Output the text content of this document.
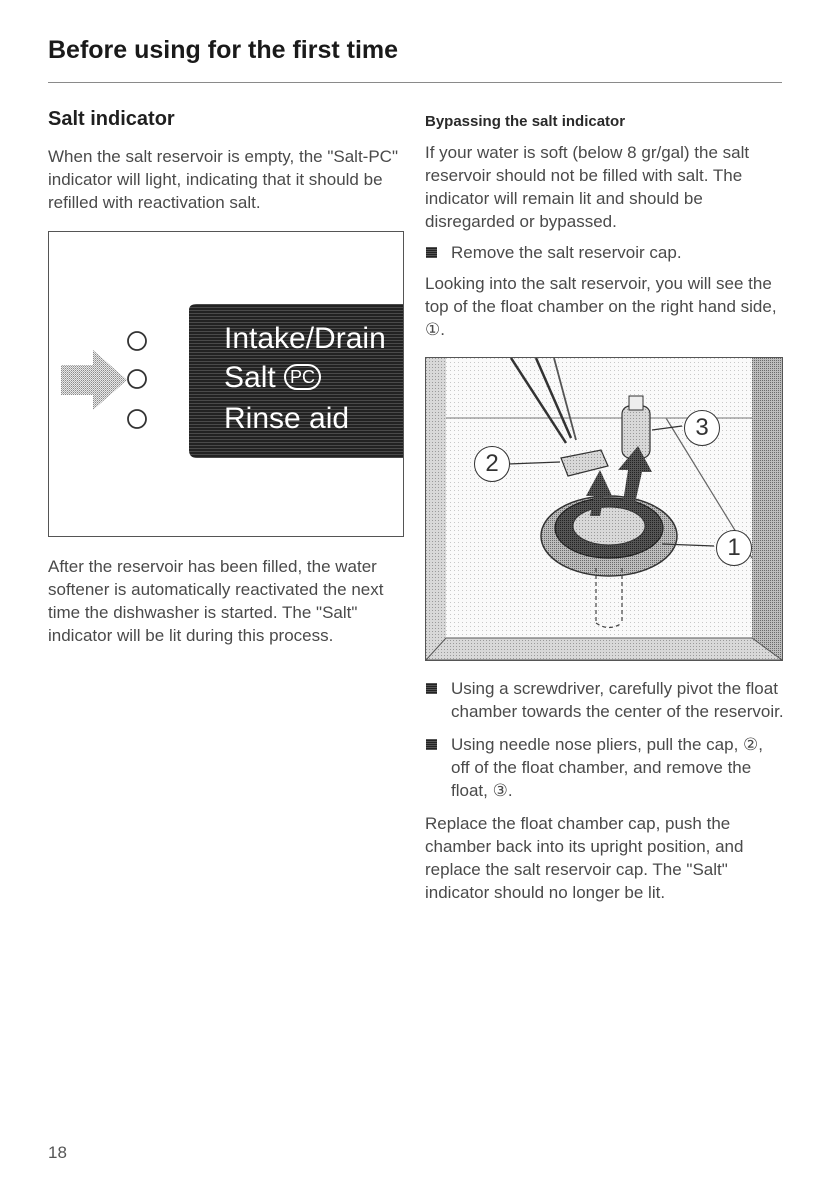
Before using for the first time
Salt indicator

When the salt reservoir is empty, the "Salt-PC" indicator will light, indicating that it should be refilled with reactivation salt.

Intake/Drain
Salt PC
Rinse aid

After the reservoir has been filled, the water softener is automatically reactivated the next time the dishwasher is started. The "Salt" indicator will be lit during this process.

Bypassing the salt indicator

If your water is soft (below 8 gr/gal) the salt reservoir should not be filled with salt. The indicator will remain lit and should be disregarded or bypassed.

Remove the salt reservoir cap.

Looking into the salt reservoir, you will see the top of the float chamber on the right hand side, ①.

1
2
3

Using a screwdriver, carefully pivot the float chamber towards the center of the reservoir.

Using needle nose pliers, pull the cap, ②, off of the float chamber, and remove the float, ③.

Replace the float chamber cap, push the chamber back into its upright position, and replace the salt reservoir cap. The "Salt" indicator should no longer be lit.

18
